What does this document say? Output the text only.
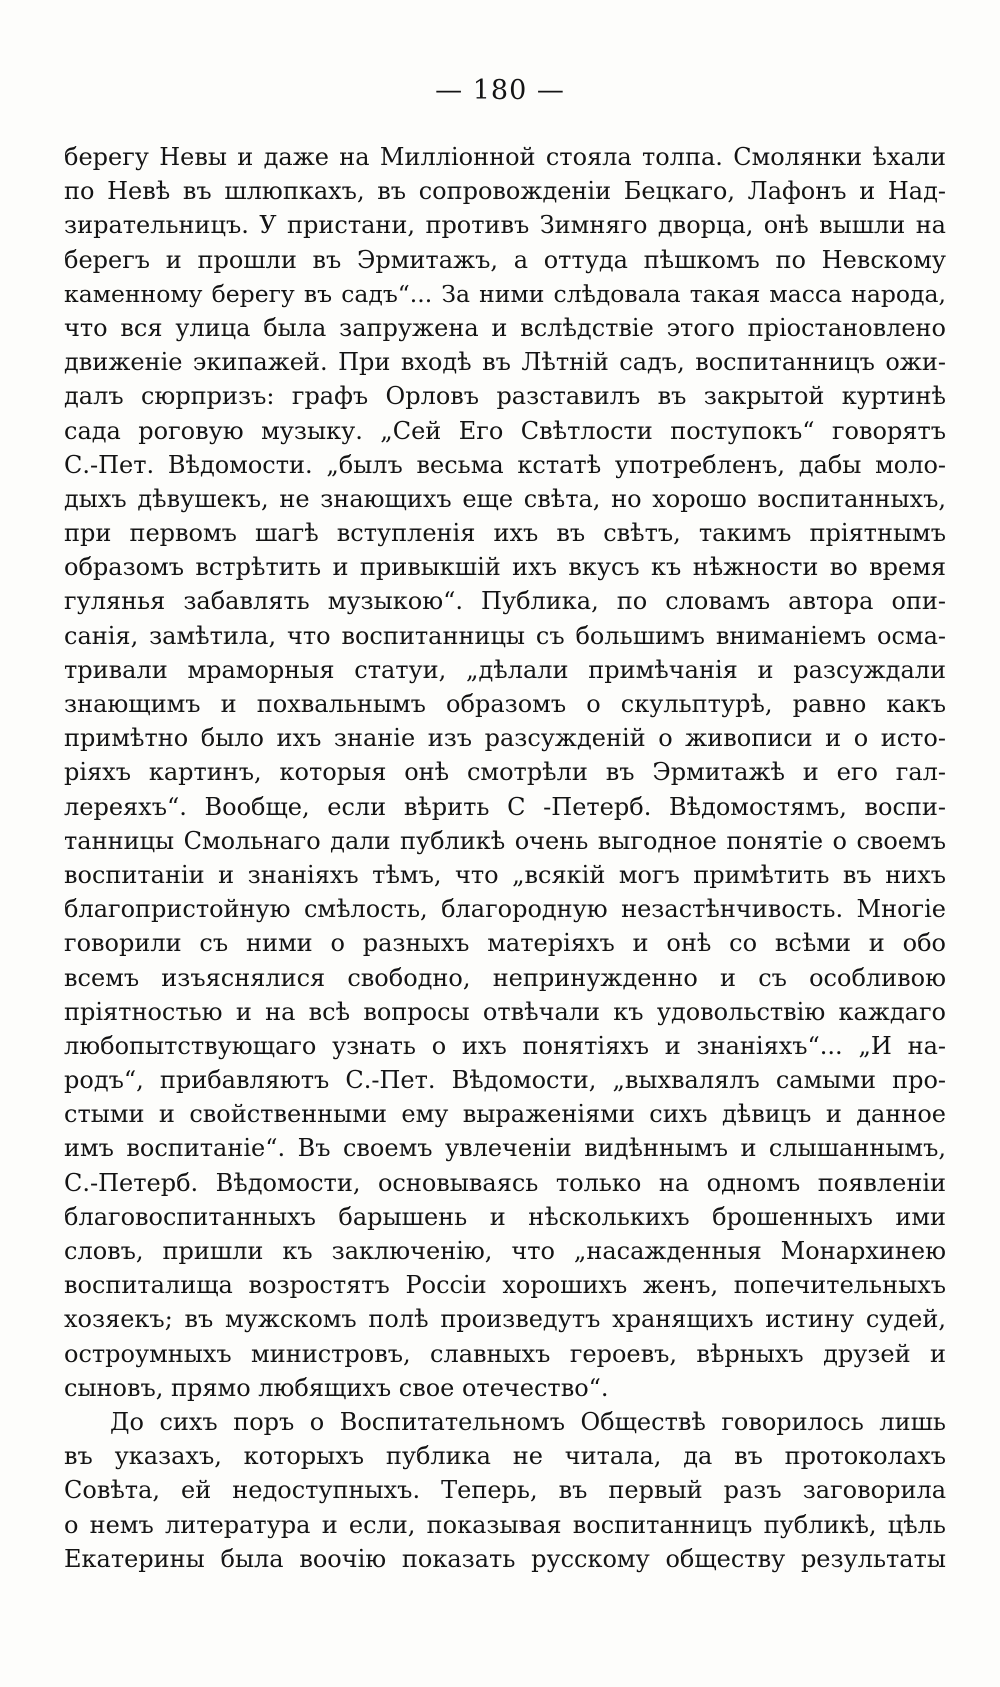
— 180 —
берегу Невы и даже на Миллiонной стояла толпа. Смолянки ѣхали
по Невѣ въ шлюпкахъ, въ сопровожденiи Бецкаго, Лафонъ и Над-
зирательницъ. У пристани, противъ Зимняго дворца, онѣ вышли на
берегъ и прошли въ Эрмитажъ, а оттуда пѣшкомъ по Невскому
каменному берегу въ садъ“... За ними слѣдовала такая масса народа,
что вся улица была запружена и вслѣдствiе этого прiостановлено
движенiе экипажей. При входѣ въ Лѣтнiй садъ, воспитанницъ ожи-
далъ сюрпризъ: графъ Орловъ разставилъ въ закрытой куртинѣ
сада роговую музыку. „Сей Его Свѣтлости поступокъ“ говорятъ
С.-Пет. Вѣдомости. „былъ весьма кстатѣ употребленъ, дабы моло-
дыхъ дѣвушекъ, не знающихъ еще свѣта, но хорошо воспитанныхъ,
при первомъ шагѣ вступленiя ихъ въ свѣтъ, такимъ прiятнымъ
образомъ встрѣтить и привыкшiй ихъ вкусъ къ нѣжности во время
гулянья забавлять музыкою“. Публика, по словамъ автора опи-
санiя, замѣтила, что воспитанницы съ большимъ вниманiемъ осма-
тривали мраморныя статуи, „дѣлали примѣчанiя и разсуждали
знающимъ и похвальнымъ образомъ о скульптурѣ, равно какъ
примѣтно было ихъ знанiе изъ разсужденiй о живописи и о исто-
рiяхъ картинъ, которыя онѣ смотрѣли въ Эрмитажѣ и его гал-
лереяхъ“. Вообще, если вѣрить С -Петерб. Вѣдомостямъ, воспи-
танницы Смольнаго дали публикѣ очень выгодное понятiе о своемъ
воспитанiи и знанiяхъ тѣмъ, что „всякiй могъ примѣтить въ нихъ
благопристойную смѣлость, благородную незастѣнчивость. Многiе
говорили съ ними о разныхъ матерiяхъ и онѣ со всѣми и обо
всемъ изъяснялися свободно, непринужденно и съ особливою
прiятностью и на всѣ вопросы отвѣчали къ удовольствiю каждаго
любопытствующаго узнать о ихъ понятiяхъ и знанiяхъ“... „И на-
родъ“, прибавляютъ С.-Пет. Вѣдомости, „выхвалялъ самыми про-
стыми и свойственными ему выраженiями сихъ дѣвицъ и данное
имъ воспитанiе“. Въ своемъ увлеченiи видѣннымъ и слышаннымъ,
С.-Петерб. Вѣдомости, основываясь только на одномъ появленiи
благовоспитанныхъ барышень и нѣсколькихъ брошенныхъ ими
словъ, пришли къ заключенiю, что „насажденныя Монархинею
воспиталища возростятъ Россiи хорошихъ женъ, попечительныхъ
хозяекъ; въ мужскомъ полѣ произведутъ хранящихъ истину судей,
остроумныхъ министровъ, славныхъ героевъ, вѣрныхъ друзей и
сыновъ, прямо любящихъ свое отечество“.
До сихъ поръ о Воспитательномъ Обществѣ говорилось лишь
въ указахъ, которыхъ публика не читала, да въ протоколахъ
Совѣта, ей недоступныхъ. Теперь, въ первый разъ заговорила
о немъ литература и если, показывая воспитанницъ публикѣ, цѣль
Екатерины была воочiю показать русскому обществу результаты
